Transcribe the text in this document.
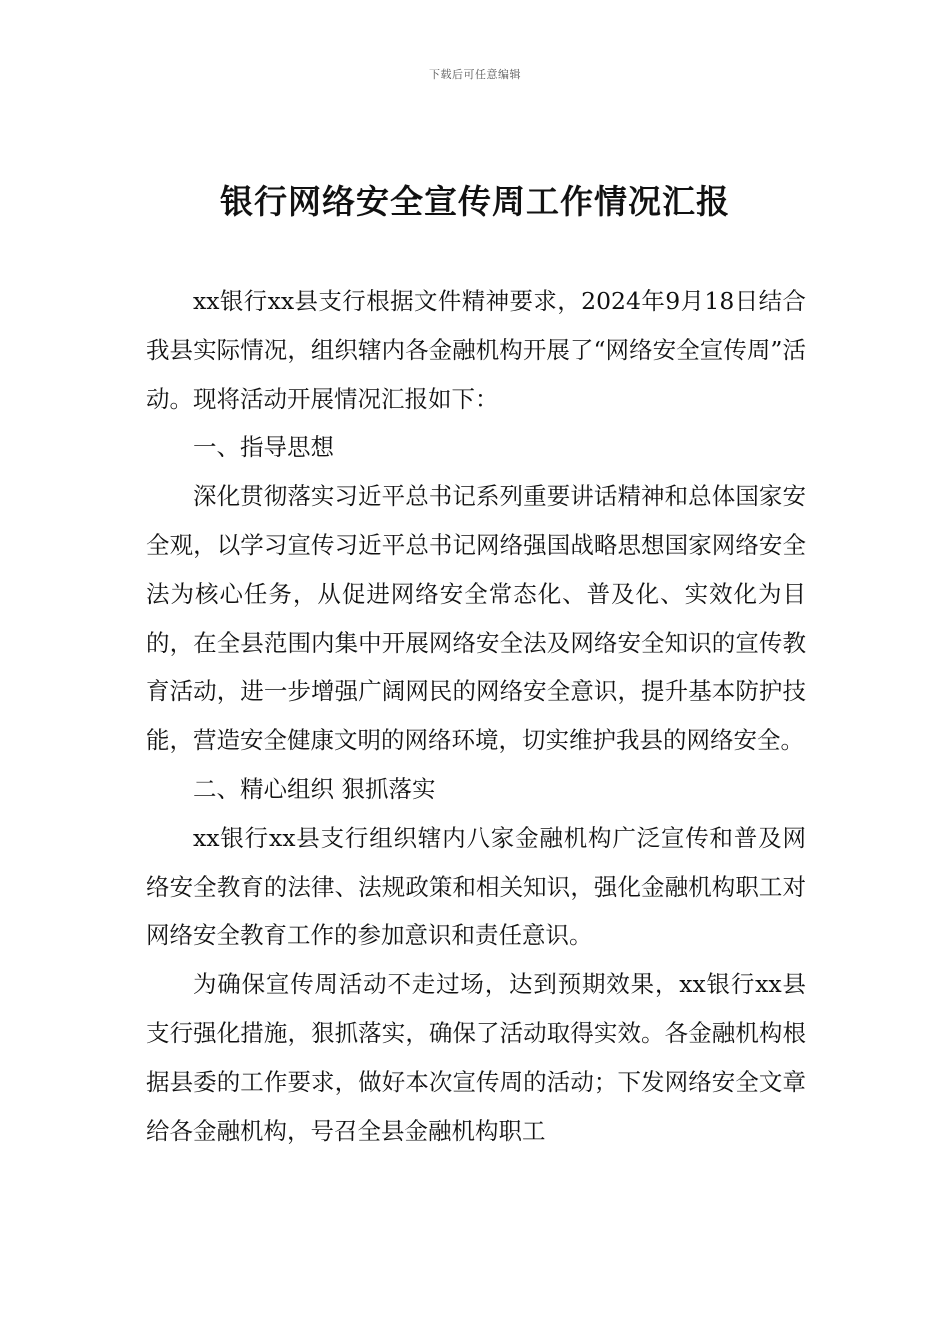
下载后可任意编辑
银行网络安全宣传周工作情况汇报

xx银行xx县支行根据文件精神要求，2024年9月18日结合我县实际情况，组织辖内各金融机构开展了“网络安全宣传周”活动。现将活动开展情况汇报如下：

一、指导思想

深化贯彻落实习近平总书记系列重要讲话精神和总体国家安全观，以学习宣传习近平总书记网络强国战略思想国家网络安全法为核心任务，从促进网络安全常态化、普及化、实效化为目的，在全县范围内集中开展网络安全法及网络安全知识的宣传教育活动，进一步增强广阔网民的网络安全意识，提升基本防护技能，营造安全健康文明的网络环境，切实维护我县的网络安全。

二、精心组织 狠抓落实

xx银行xx县支行组织辖内八家金融机构广泛宣传和普及网络安全教育的法律、法规政策和相关知识，强化金融机构职工对网络安全教育工作的参加意识和责任意识。

为确保宣传周活动不走过场，达到预期效果，xx银行xx县支行强化措施，狠抓落实，确保了活动取得实效。各金融机构根据县委的工作要求，做好本次宣传周的活动；下发网络安全文章给各金融机构，号召全县金融机构职工
